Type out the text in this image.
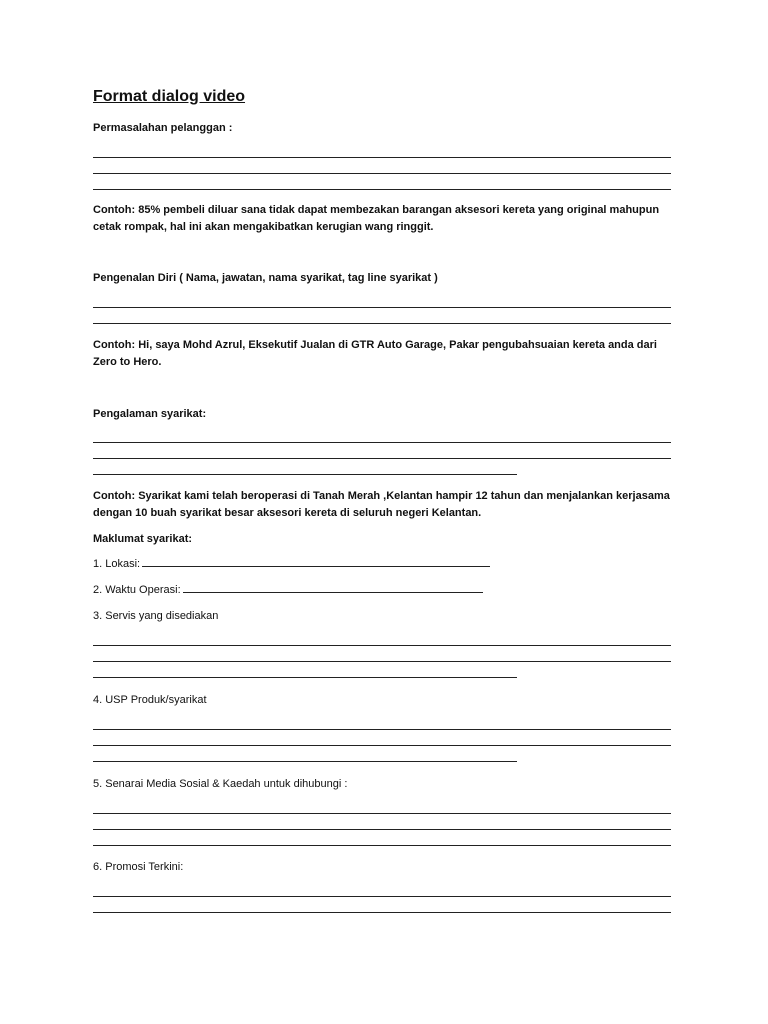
Format dialog video
Permasalahan pelanggan :
Contoh: 85% pembeli diluar sana tidak dapat membezakan barangan aksesori kereta yang original mahupun cetak rompak, hal ini akan mengakibatkan kerugian wang ringgit.
Pengenalan Diri ( Nama, jawatan, nama syarikat, tag line syarikat )
Contoh: Hi, saya Mohd Azrul, Eksekutif Jualan di GTR Auto Garage, Pakar pengubahsuaian kereta anda dari Zero to Hero.
Pengalaman syarikat:
Contoh: Syarikat kami telah beroperasi di Tanah Merah ,Kelantan hampir 12 tahun dan menjalankan kerjasama dengan 10 buah syarikat besar aksesori kereta di seluruh negeri Kelantan.
Maklumat syarikat:
1. Lokasi:
2. Waktu Operasi:
3. Servis yang disediakan
4. USP Produk/syarikat
5. Senarai Media Sosial & Kaedah untuk dihubungi :
6. Promosi Terkini:
